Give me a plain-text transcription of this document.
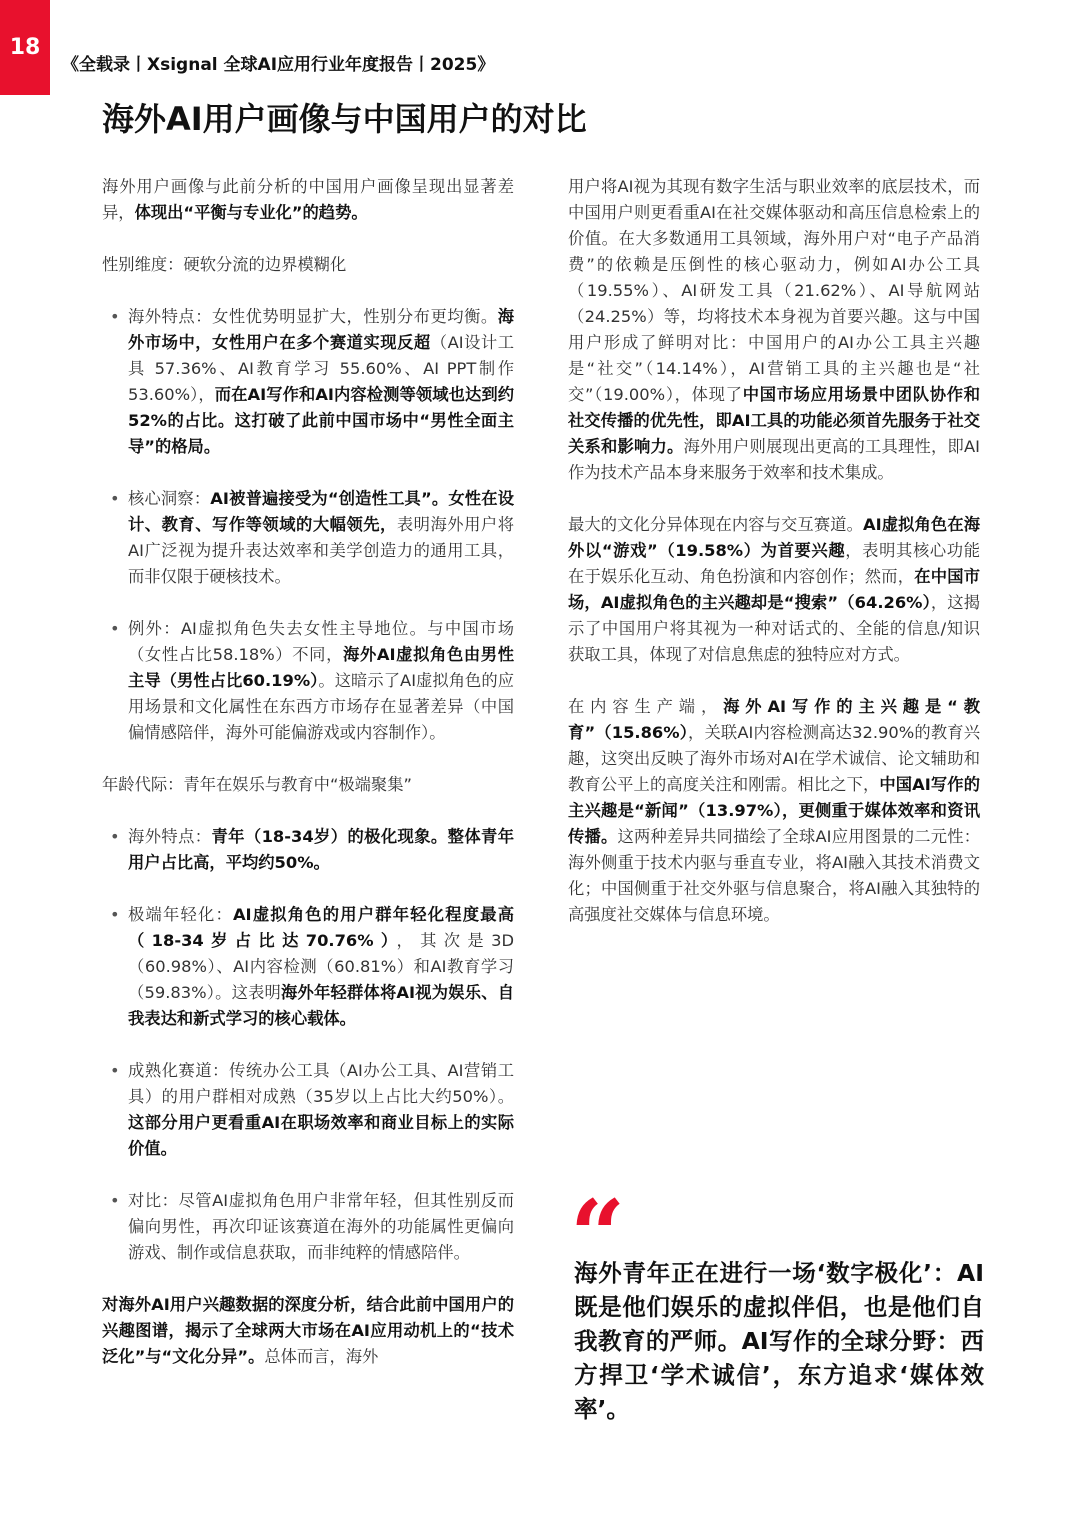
18
《全载录丨Xsignal 全球AI应用行业年度报告丨2025》
海外AI用户画像与中国用户的对比

海外用户画像与此前分析的中国用户画像呈现出显著差异，体现出“平衡与专业化”的趋势。

性别维度：硬软分流的边界模糊化

• 海外特点：女性优势明显扩大，性别分布更均衡。海外市场中，女性用户在多个赛道实现反超（AI设计工具 57.36%、AI教育学习 55.60%、AI PPT制作 53.60%），而在AI写作和AI内容检测等领域也达到约52%的占比。这打破了此前中国市场中“男性全面主导”的格局。
• 核心洞察：AI被普遍接受为“创造性工具”。女性在设计、教育、写作等领域的大幅领先，表明海外用户将AI广泛视为提升表达效率和美学创造力的通用工具，而非仅限于硬核技术。
• 例外：AI虚拟角色失去女性主导地位。与中国市场（女性占比58.18%）不同，海外AI虚拟角色由男性主导（男性占比60.19%）。这暗示了AI虚拟角色的应用场景和文化属性在东西方市场存在显著差异（中国偏情感陪伴，海外可能偏游戏或内容制作）。

年龄代际：青年在娱乐与教育中“极端聚集”

• 海外特点：青年（18-34岁）的极化现象。整体青年用户占比高，平均约50%。
• 极端年轻化：AI虚拟角色的用户群年轻化程度最高（18-34岁占比达70.76%），其次是3D（60.98%）、AI内容检测（60.81%）和AI教育学习（59.83%）。这表明海外年轻群体将AI视为娱乐、自我表达和新式学习的核心载体。
• 成熟化赛道：传统办公工具（AI办公工具、AI营销工具）的用户群相对成熟（35岁以上占比大约50%）。这部分用户更看重AI在职场效率和商业目标上的实际价值。
• 对比：尽管AI虚拟角色用户非常年轻，但其性别反而偏向男性，再次印证该赛道在海外的功能属性更偏向游戏、制作或信息获取，而非纯粹的情感陪伴。

对海外AI用户兴趣数据的深度分析，结合此前中国用户的兴趣图谱，揭示了全球两大市场在AI应用动机上的“技术泛化”与“文化分异”。总体而言，海外

用户将AI视为其现有数字生活与职业效率的底层技术，而中国用户则更看重AI在社交媒体驱动和高压信息检索上的价值。在大多数通用工具领域，海外用户对“电子产品消费”的依赖是压倒性的核心驱动力，例如AI办公工具（19.55%）、AI研发工具（21.62%）、AI导航网站（24.25%）等，均将技术本身视为首要兴趣。这与中国用户形成了鲜明对比：中国用户的AI办公工具主兴趣是“社交”（14.14%），AI营销工具的主兴趣也是“社交”（19.00%），体现了中国市场应用场景中团队协作和社交传播的优先性，即AI工具的功能必须首先服务于社交关系和影响力。海外用户则展现出更高的工具理性，即AI作为技术产品本身来服务于效率和技术集成。

最大的文化分异体现在内容与交互赛道。AI虚拟角色在海外以“游戏”（19.58%）为首要兴趣，表明其核心功能在于娱乐化互动、角色扮演和内容创作；然而，在中国市场，AI虚拟角色的主兴趣却是“搜索”（64.26%），这揭示了中国用户将其视为一种对话式的、全能的信息/知识获取工具，体现了对信息焦虑的独特应对方式。

在内容生产端，海外AI写作的主兴趣是“教育”（15.86%），关联AI内容检测高达32.90%的教育兴趣，这突出反映了海外市场对AI在学术诚信、论文辅助和教育公平上的高度关注和刚需。相比之下，中国AI写作的主兴趣是“新闻”（13.97%），更侧重于媒体效率和资讯传播。这两种差异共同描绘了全球AI应用图景的二元性：海外侧重于技术内驱与垂直专业，将AI融入其技术消费文化；中国侧重于社交外驱与信息聚合，将AI融入其独特的高强度社交媒体与信息环境。

“

海外青年正在进行一场‘数字极化’：AI既是他们娱乐的虚拟伴侣，也是他们自我教育的严师。AI写作的全球分野：西方捍卫‘学术诚信’，东方追求‘媒体效率’。
